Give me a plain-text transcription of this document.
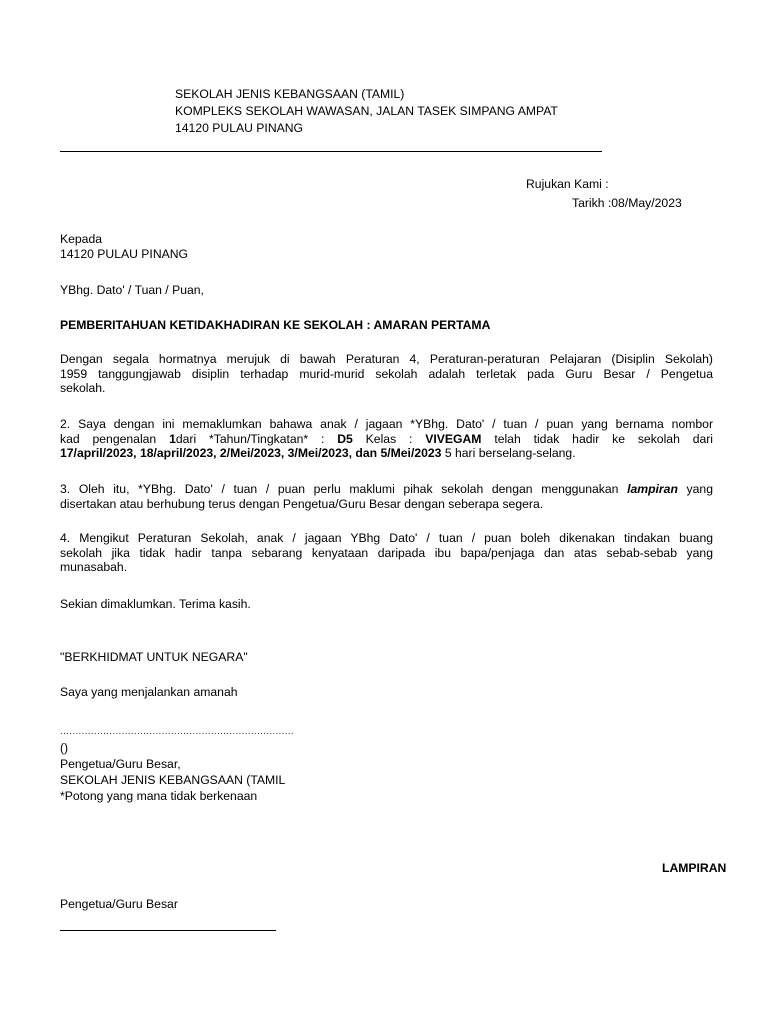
SEKOLAH JENIS KEBANGSAAN (TAMIL)
KOMPLEKS SEKOLAH WAWASAN, JALAN TASEK SIMPANG AMPAT
14120 PULAU PINANG
Rujukan Kami :
Tarikh :08/May/2023
Kepada
14120 PULAU PINANG
YBhg. Dato' / Tuan / Puan,
PEMBERITAHUAN KETIDAKHADIRAN KE SEKOLAH : AMARAN PERTAMA
Dengan segala hormatnya merujuk di bawah Peraturan 4, Peraturan-peraturan Pelajaran (Disiplin Sekolah)
1959 tanggungjawab disiplin terhadap murid-murid sekolah adalah terletak pada Guru Besar / Pengetua
sekolah.
2. Saya dengan ini memaklumkan bahawa anak / jagaan *YBhg. Dato' / tuan / puan yang bernama nombor
kad pengenalan 1dari *Tahun/Tingkatan* : D5 Kelas : VIVEGAM telah tidak hadir ke sekolah dari
17/april/2023, 18/april/2023, 2/Mei/2023, 3/Mei/2023, dan 5/Mei/2023 5 hari berselang-selang.
3. Oleh itu, *YBhg. Dato' / tuan / puan perlu maklumi pihak sekolah dengan menggunakan lampiran yang
disertakan atau berhubung terus dengan Pengetua/Guru Besar dengan seberapa segera.
4. Mengikut Peraturan Sekolah, anak / jagaan YBhg Dato' / tuan / puan boleh dikenakan tindakan buang
sekolah jika tidak hadir tanpa sebarang kenyataan daripada ibu bapa/penjaga dan atas sebab-sebab yang
munasabah.
Sekian dimaklumkan. Terima kasih.
"BERKHIDMAT UNTUK NEGARA"
Saya yang menjalankan amanah
............................................................................
()
Pengetua/Guru Besar,
SEKOLAH JENIS KEBANGSAAN (TAMIL
*Potong yang mana tidak berkenaan
LAMPIRAN
Pengetua/Guru Besar
